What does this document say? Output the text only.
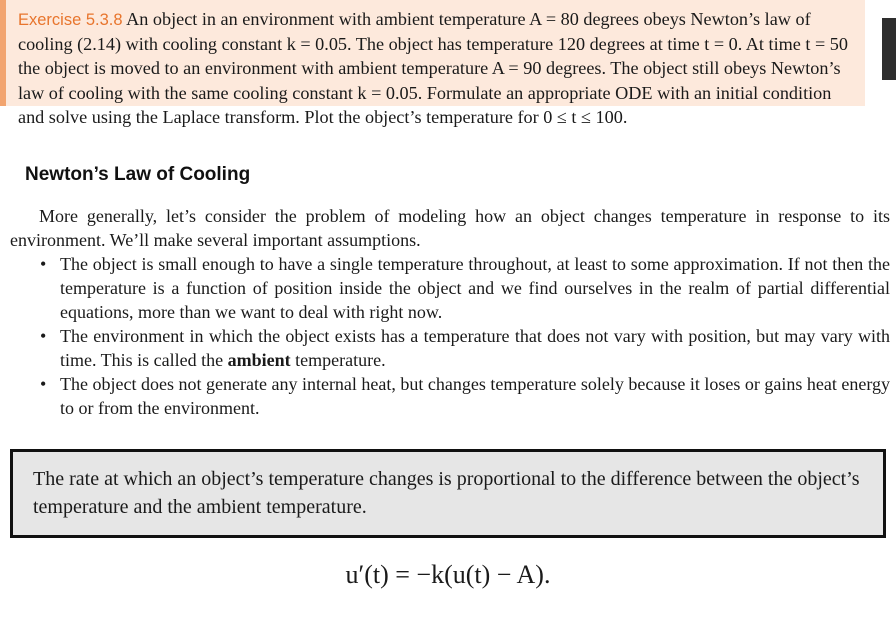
Exercise 5.3.8 An object in an environment with ambient temperature A = 80 degrees obeys Newton’s law of cooling (2.14) with cooling constant k = 0.05. The object has temperature 120 degrees at time t = 0. At time t = 50 the object is moved to an environment with ambient temperature A = 90 degrees. The object still obeys Newton’s law of cooling with the same cooling constant k = 0.05. Formulate an appropriate ODE with an initial condition and solve using the Laplace transform. Plot the object’s temperature for 0 ≤ t ≤ 100.
Newton’s Law of Cooling

More generally, let’s consider the problem of modeling how an object changes temperature in response to its environment. We’ll make several important assumptions.

• The object is small enough to have a single temperature throughout, at least to some approximation. If not then the temperature is a function of position inside the object and we find ourselves in the realm of partial differential equations, more than we want to deal with right now.
• The environment in which the object exists has a temperature that does not vary with position, but may vary with time. This is called the ambient temperature.
• The object does not generate any internal heat, but changes temperature solely because it loses or gains heat energy to or from the environment.
The rate at which an object’s temperature changes is proportional to the difference between the object’s temperature and the ambient temperature.
u′(t) = −k(u(t) − A).
